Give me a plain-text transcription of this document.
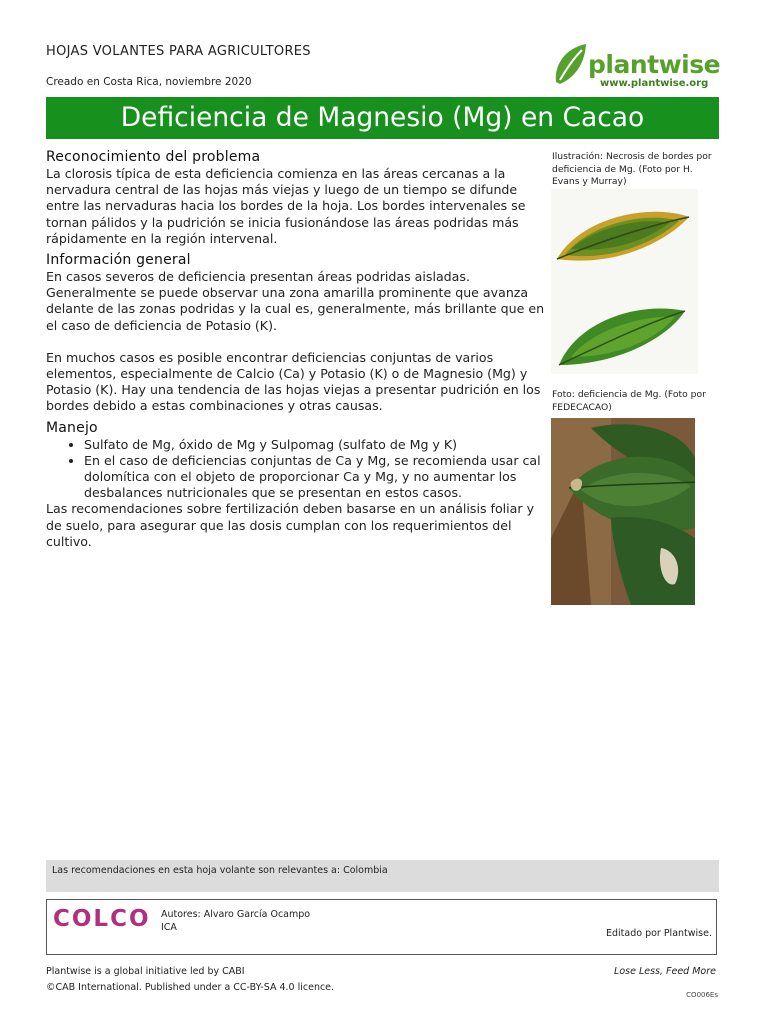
HOJAS VOLANTES PARA AGRICULTORES
Creado en Costa Rica, noviembre 2020
plantwise
www.plantwise.org
Deficiencia de Magnesio (Mg) en Cacao
Reconocimiento del problema

La clorosis típica de esta deficiencia comienza en las áreas cercanas a la nervadura central de las hojas más viejas y luego de un tiempo se difunde entre las nervaduras hacia los bordes de la hoja. Los bordes intervenales se tornan pálidos y la pudrición se inicia fusionándose las áreas podridas más rápidamente en la región intervenal.

Información general

En casos severos de deficiencia presentan áreas podridas aisladas. Generalmente se puede observar una zona amarilla prominente que avanza delante de las zonas podridas y la cual es, generalmente, más brillante que en el caso de deficiencia de Potasio (K).

En muchos casos es posible encontrar deficiencias conjuntas de varios elementos, especialmente de Calcio (Ca) y Potasio (K) o de Magnesio (Mg) y Potasio (K). Hay una tendencia de las hojas viejas a presentar pudrición en los bordes debido a estas combinaciones y otras causas.

Manejo
• Sulfato de Mg, óxido de Mg y Sulpomag (sulfato de Mg y K)
• En el caso de deficiencias conjuntas de Ca y Mg, se recomienda usar cal dolomítica con el objeto de proporcionar Ca y Mg, y no aumentar los desbalances nutricionales que se presentan en estos casos.

Las recomendaciones sobre fertilización deben basarse en un análisis foliar y de suelo, para asegurar que las dosis cumplan con los requerimientos del cultivo.

Ilustración: Necrosis de bordes por deficiencia de Mg. (Foto por H. Evans y Murray)
Foto: deficiencia de Mg. (Foto por FEDECACAO)
Las recomendaciones en esta hoja volante son relevantes a: Colombia
COLCO Autores: Alvaro García Ocampo
ICA
Editado por Plantwise.
Plantwise is a global initiative led by CABI
©CAB International. Published under a CC-BY-SA 4.0 licence.
Lose Less, Feed More
CO006Es
